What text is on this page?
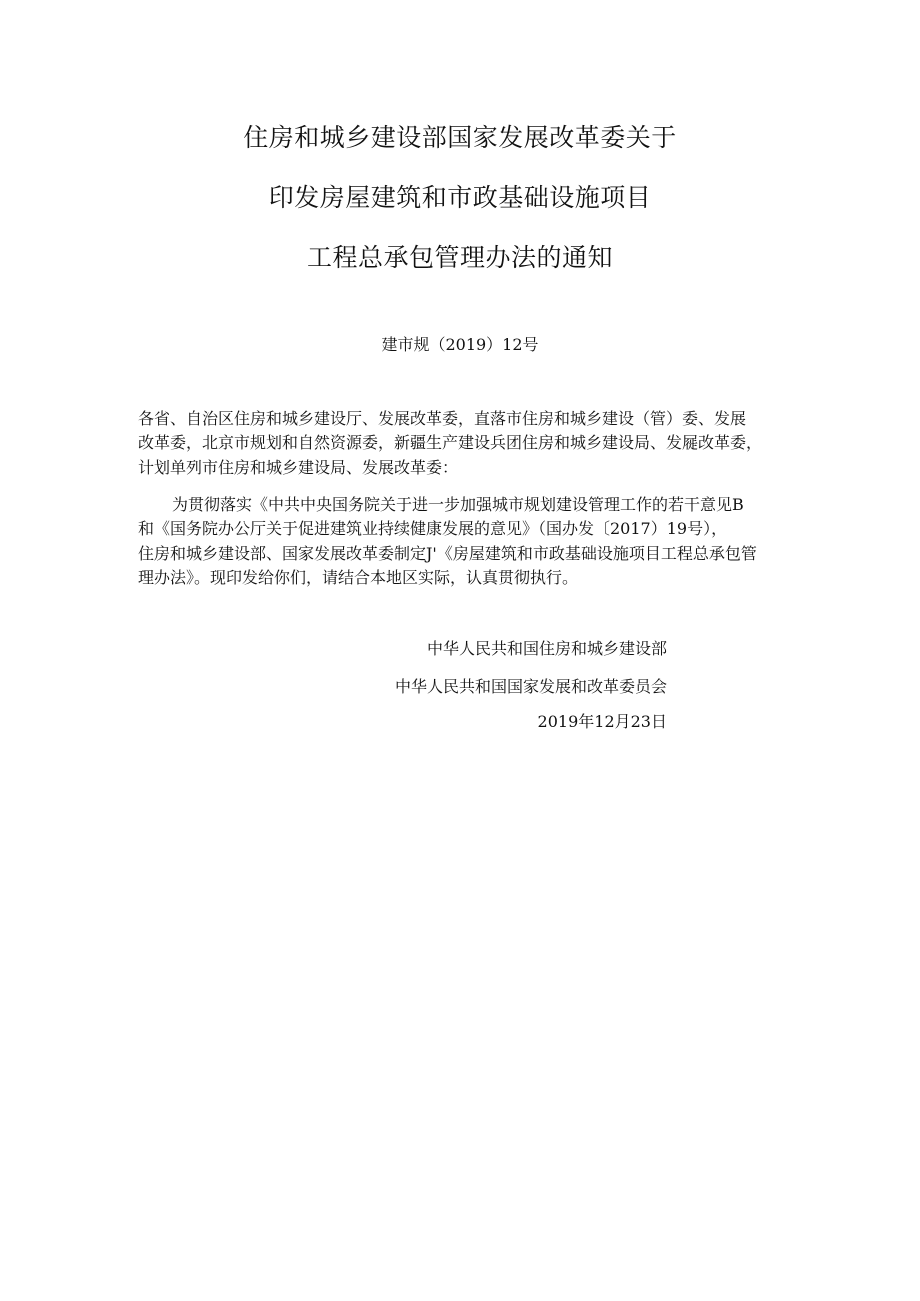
住房和城乡建设部国家发展改革委关于
印发房屋建筑和市政基础设施项目
工程总承包管理办法的通知
建市规（2019）12号
各省、自治区住房和城乡建设厅、发展改革委，直落市住房和城乡建设（管）委、发展
改革委，北京市规划和自然资源委，新疆生产建设兵团住房和城乡建设局、发屣改革委，
计划单列市住房和城乡建设局、发展改革委：
为贯彻落实《中共中央国务院关于进一步加强城市规划建设管理工作的若干意见B
和《国务院办公厅关于促进建筑业持续健康发展的意见》（国办发〔2017）19号），
住房和城乡建设部、国家发展改革委制定J'《房屋建筑和市政基础设施项目工程总承包管
理办法》。现印发给你们，请结合本地区实际，认真贯彻执行。
中华人民共和国住房和城乡建设部
中华人民共和国国家发展和改革委员会
2019年12月23日
